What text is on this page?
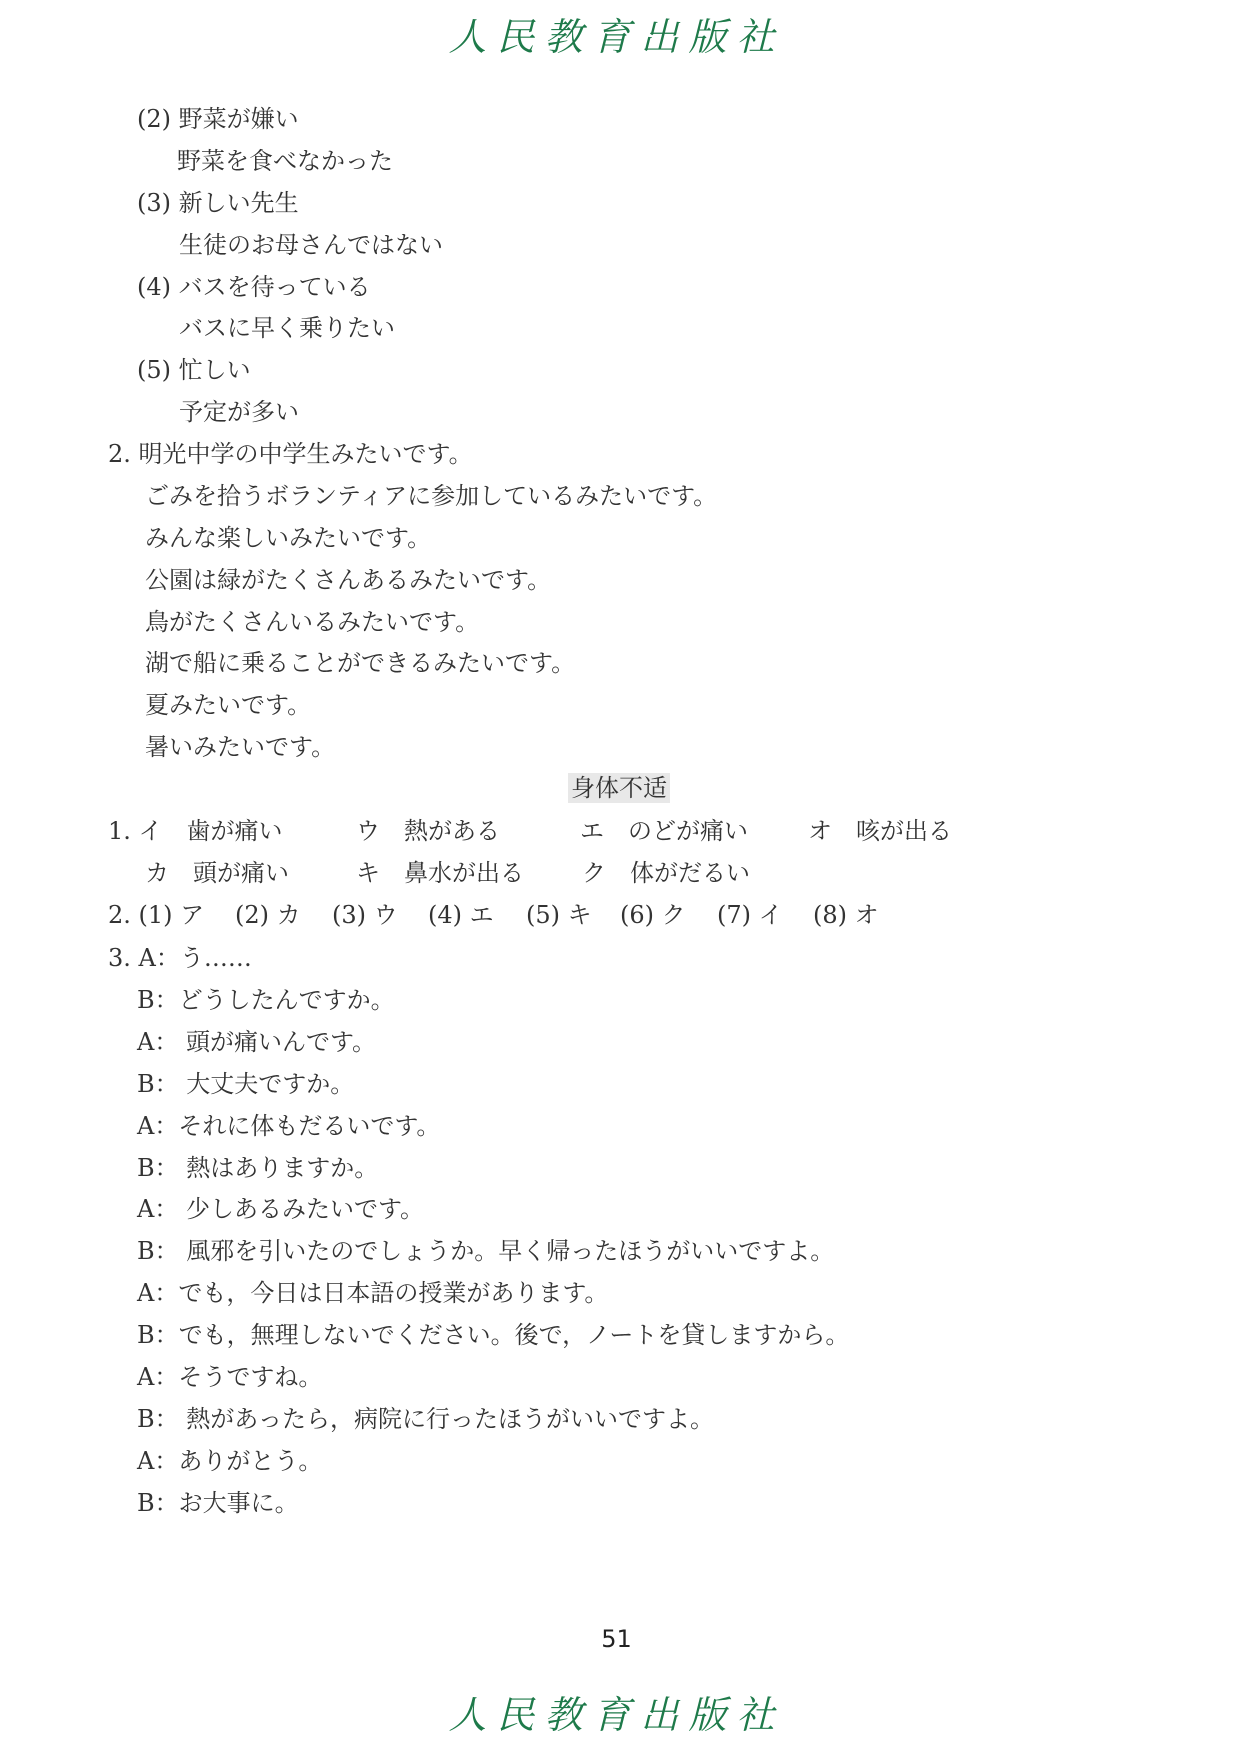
人民教育出版社
(2) 野菜が嫌い
野菜を食べなかった
(3) 新しい先生
生徒のお母さんではない
(4) バスを待っている
バスに早く乗りたい
(5) 忙しい
予定が多い
2. 明光中学の中学生みたいです。
ごみを拾うボランティアに参加しているみたいです。
みんな楽しいみたいです。
公園は緑がたくさんあるみたいです。
鳥がたくさんいるみたいです。
湖で船に乗ることができるみたいです。
夏みたいです。
暑いみたいです。
身体不适
1. イ　歯が痛い	ウ　熱がある	エ　のどが痛い	オ　咳が出る
カ　頭が痛い	キ　鼻水が出る ク　体がだるい
2. (1) ア (2) カ (3) ウ (4) エ (5) キ (6) ク (7) イ (8) オ
3. A：う……
B：どうしたんですか。
A： 頭が痛いんです。
B： 大丈夫ですか。
A：それに体もだるいです。
B： 熱はありますか。
A： 少しあるみたいです。
B： 風邪を引いたのでしょうか。早く帰ったほうがいいですよ。
A：でも，今日は日本語の授業があります。
B：でも，無理しないでください。後で，ノートを貸しますから。
A：そうですね。
B： 熱があったら，病院に行ったほうがいいですよ。
A：ありがとう。
B：お大事に。
51
人民教育出版社
